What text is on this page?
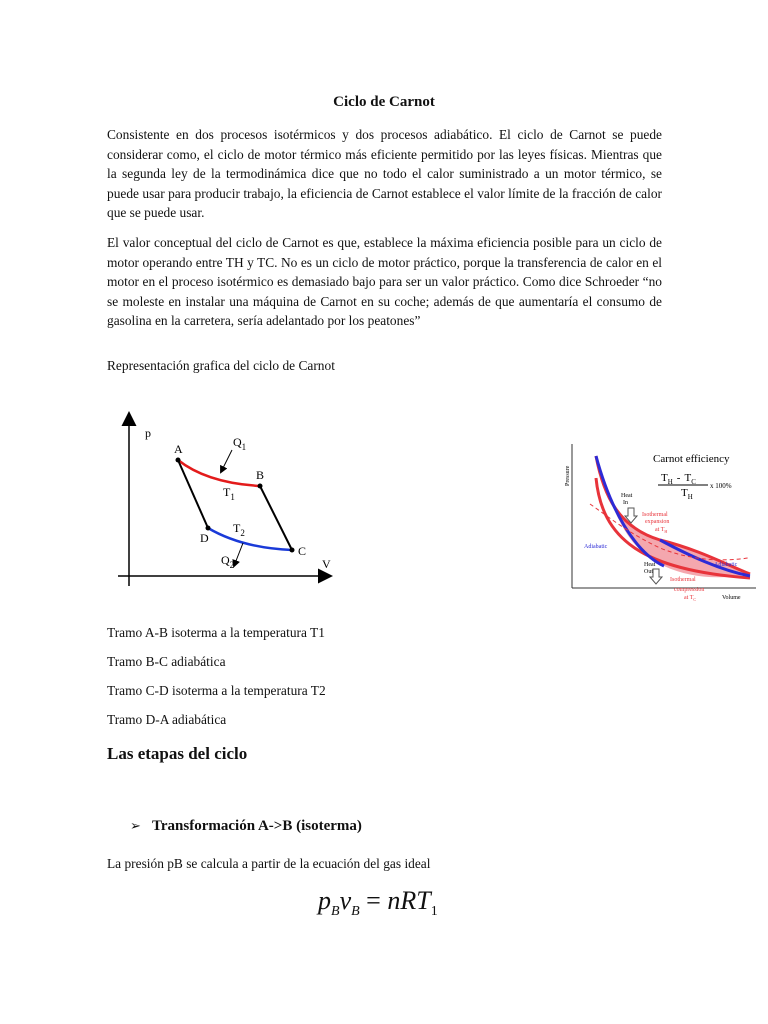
Ciclo de Carnot

Consistente en dos procesos isotérmicos y dos procesos adiabático. El ciclo de Carnot se puede considerar como, el ciclo de motor térmico más eficiente permitido por las leyes físicas. Mientras que la segunda ley de la termodinámica dice que no todo el calor suministrado a un motor térmico, se puede usar para producir trabajo, la eficiencia de Carnot establece el valor límite de la fracción de calor que se puede usar.

El valor conceptual del ciclo de Carnot es que, establece la máxima eficiencia posible para un ciclo de motor operando entre TH y TC. No es un ciclo de motor práctico, porque la transferencia de calor en el motor en el proceso isotérmico es demasiado bajo para ser un valor práctico. Como dice Schroeder “no se moleste en instalar una máquina de Carnot en su coche; además de que aumentaría el consumo de gasolina en la carretera, sería adelantado por los peatones”

Representación grafica del ciclo de Carnot

p
V
A
B
C
D
$Q_1$
$T_1$
$T_2$
$Q_2$
Pressure
Volume
Carnot efficiency
$T_H - T_C$
$T_H$
x 100%
Heat
In
Isothermal
expansion
at $T_H$
Adiabatic
Adiabatic
Heat
Out
Isothermal
compression
at $T_C$

Tramo A-B isoterma a la temperatura T1

Tramo B-C adiabática

Tramo C-D isoterma a la temperatura T2

Tramo D-A adiabática

Las etapas del ciclo

➢ Transformación A->B (isoterma)

La presión pB se calcula a partir de la ecuación del gas ideal

$p_Bv_B = nRT_1$
